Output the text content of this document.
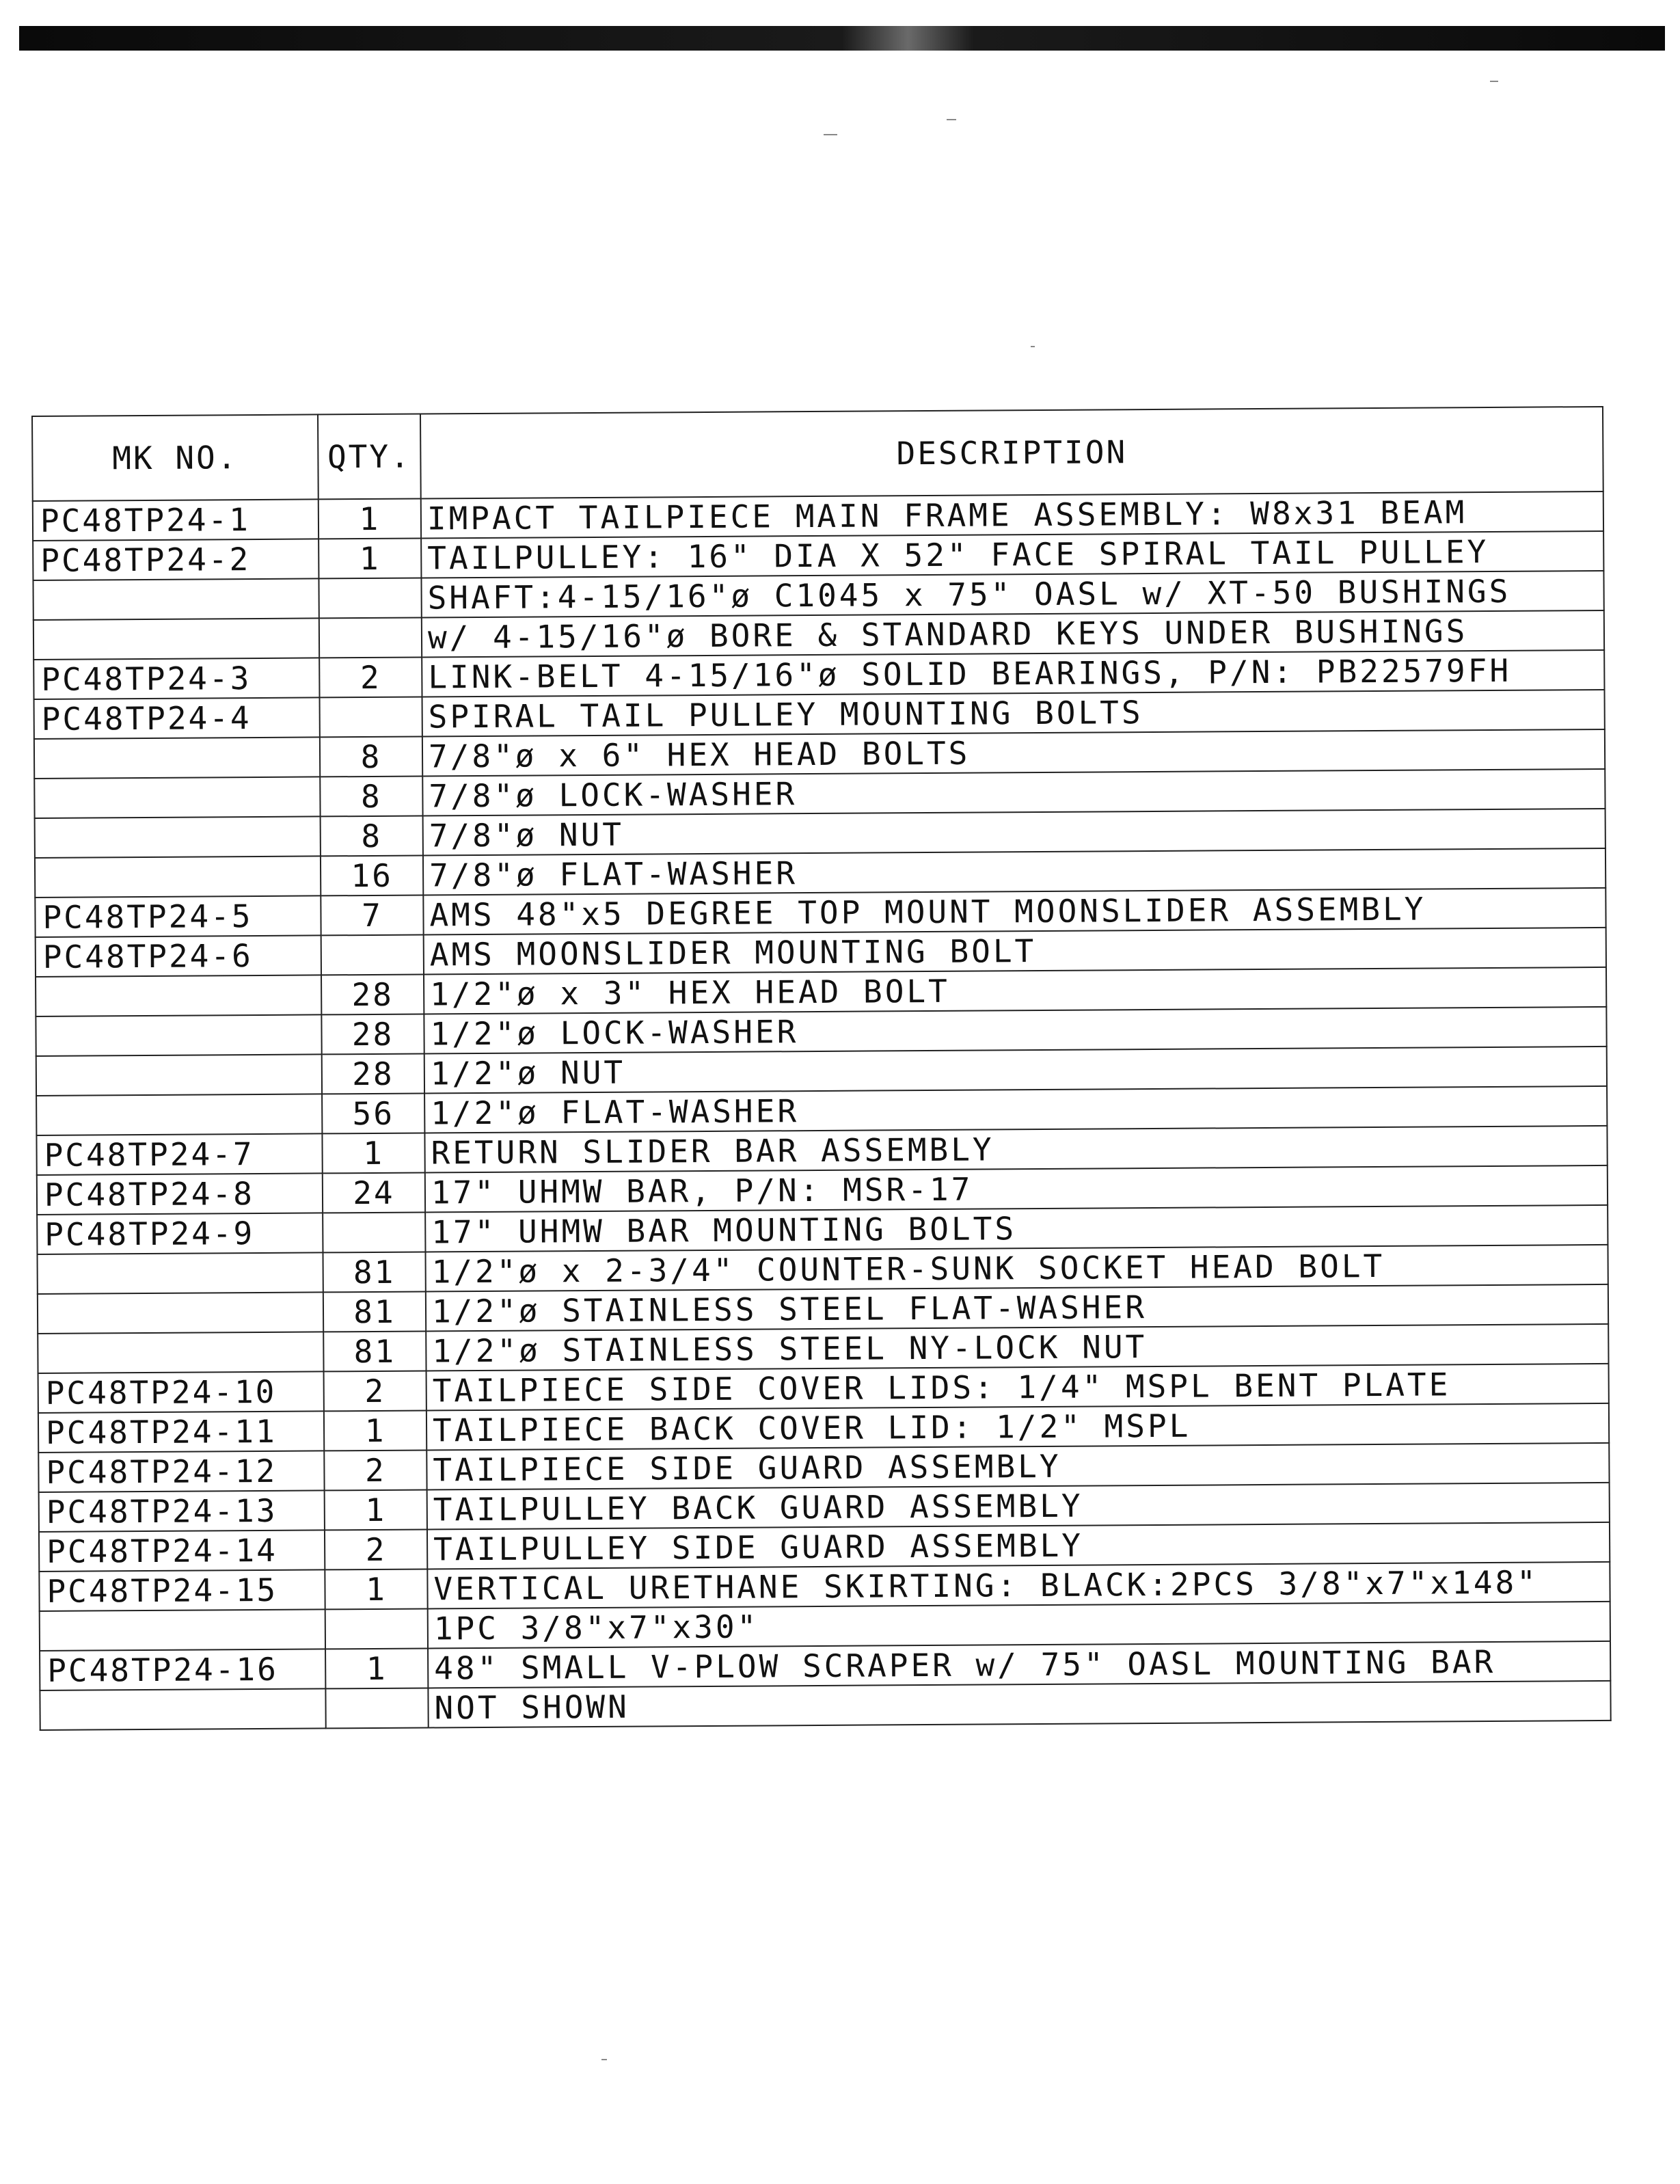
MK NO.	QTY.	DESCRIPTION
PC48TP24-1	1	IMPACT TAILPIECE MAIN FRAME ASSEMBLY: W8x31 BEAM
PC48TP24-2	1	TAILPULLEY: 16" DIA X 52" FACE SPIRAL TAIL PULLEY
		SHAFT:4-15/16"ø C1045 x 75" OASL w/ XT-50 BUSHINGS
		w/ 4-15/16"ø BORE & STANDARD KEYS UNDER BUSHINGS
PC48TP24-3	2	LINK-BELT 4-15/16"ø SOLID BEARINGS, P/N: PB22579FH
PC48TP24-4		SPIRAL TAIL PULLEY MOUNTING BOLTS
	8	7/8"ø x 6" HEX HEAD BOLTS
	8	7/8"ø LOCK-WASHER
	8	7/8"ø NUT
	16	7/8"ø FLAT-WASHER
PC48TP24-5	7	AMS 48"x5 DEGREE TOP MOUNT MOONSLIDER ASSEMBLY
PC48TP24-6		AMS MOONSLIDER MOUNTING BOLT
	28	1/2"ø x 3" HEX HEAD BOLT
	28	1/2"ø LOCK-WASHER
	28	1/2"ø NUT
	56	1/2"ø FLAT-WASHER
PC48TP24-7	1	RETURN SLIDER BAR ASSEMBLY
PC48TP24-8	24	17" UHMW BAR, P/N: MSR-17
PC48TP24-9		17" UHMW BAR MOUNTING BOLTS
	81	1/2"ø x 2-3/4" COUNTER-SUNK SOCKET HEAD BOLT
	81	1/2"ø STAINLESS STEEL FLAT-WASHER
	81	1/2"ø STAINLESS STEEL NY-LOCK NUT
PC48TP24-10	2	TAILPIECE SIDE COVER LIDS: 1/4" MSPL BENT PLATE
PC48TP24-11	1	TAILPIECE BACK COVER LID: 1/2" MSPL
PC48TP24-12	2	TAILPIECE SIDE GUARD ASSEMBLY
PC48TP24-13	1	TAILPULLEY BACK GUARD ASSEMBLY
PC48TP24-14	2	TAILPULLEY SIDE GUARD ASSEMBLY
PC48TP24-15	1	VERTICAL URETHANE SKIRTING: BLACK:2PCS 3/8"x7"x148"
		1PC 3/8"x7"x30"
PC48TP24-16	1	48" SMALL V-PLOW SCRAPER w/ 75" OASL MOUNTING BAR
		NOT SHOWN
